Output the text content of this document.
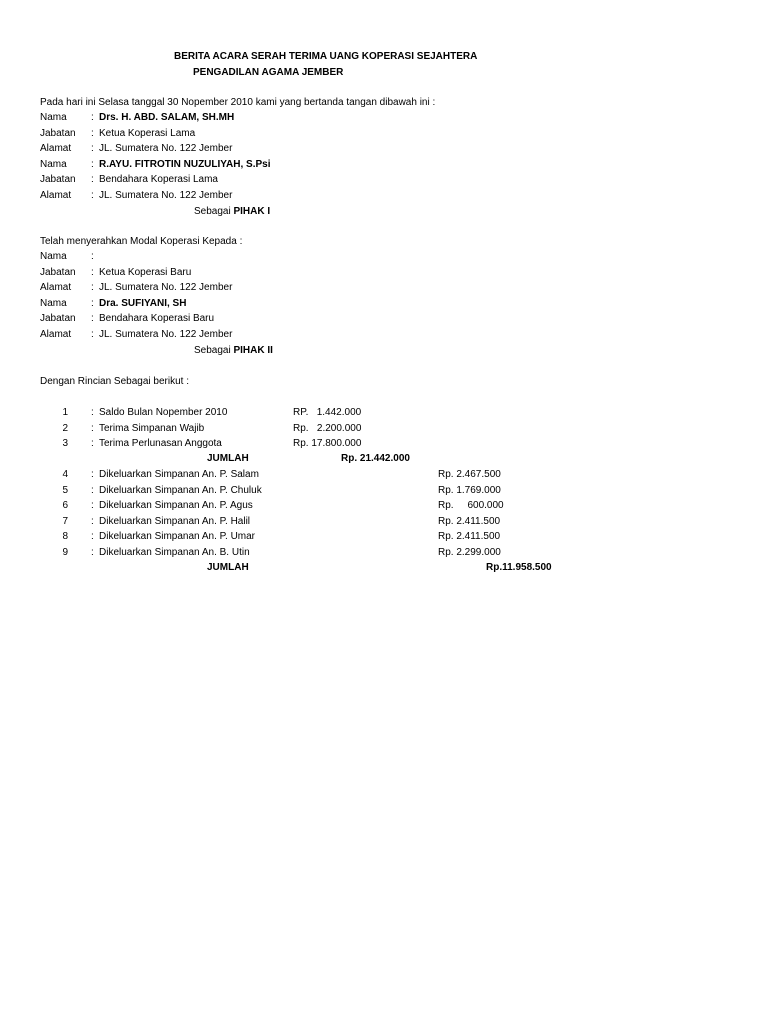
BERITA ACARA SERAH TERIMA UANG KOPERASI SEJAHTERA
PENGADILAN AGAMA JEMBER
Pada hari ini Selasa tanggal 30 Nopember 2010 kami yang bertanda tangan dibawah ini :
Nama	: Drs. H. ABD. SALAM, SH.MH
Jabatan	: Ketua Koperasi Lama
Alamat	: JL. Sumatera No. 122 Jember
Nama	: R.AYU. FITROTIN NUZULIYAH, S.Psi
Jabatan	: Bendahara Koperasi Lama
Alamat	: JL. Sumatera No. 122 Jember
Sebagai PIHAK I
Telah menyerahkan Modal Koperasi Kepada :
Nama	:
Jabatan	: Ketua Koperasi Baru
Alamat	: JL. Sumatera No. 122 Jember
Nama	: Dra. SUFIYANI, SH
Jabatan	: Bendahara Koperasi Baru
Alamat	: JL. Sumatera No. 122 Jember
Sebagai PIHAK II
Dengan Rincian Sebagai berikut :
1 : Saldo Bulan Nopember 2010	RP.   1.442.000
2 : Terima Simpanan Wajib	Rp.   2.200.000
3 : Terima Perlunasan Anggota	Rp. 17.800.000
JUMLAH	Rp. 21.442.000
4 : Dikeluarkan Simpanan An. P. Salam	Rp. 2.467.500
5 : Dikeluarkan Simpanan An. P. Chuluk	Rp. 1.769.000
6 : Dikeluarkan Simpanan An. P. Agus	Rp.     600.000
7 : Dikeluarkan Simpanan An. P. Halil	Rp. 2.411.500
8 : Dikeluarkan Simpanan An. P. Umar	Rp. 2.411.500
9 : Dikeluarkan Simpanan An. B. Utin	Rp. 2.299.000
JUMLAH	Rp.11.958.500
